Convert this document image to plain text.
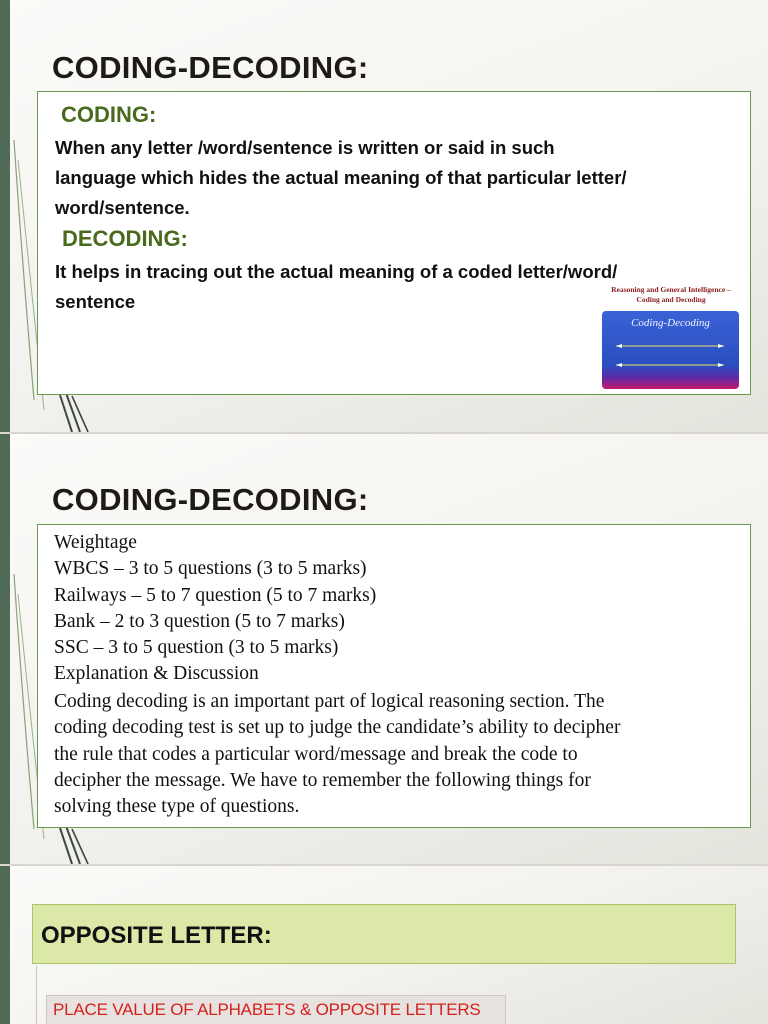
CODING-DECODING:
CODING:
When any letter /word/sentence is written or said in such
language which hides the actual meaning of that particular letter/
word/sentence.
DECODING:
It helps in tracing out the actual meaning of a coded letter/word/
sentence
Reasoning and General Intelligence –
Coding and Decoding
Coding-Decoding
CODING-DECODING:
Weightage
WBCS – 3 to 5 questions (3 to 5 marks)
Railways – 5 to 7 question (5 to 7 marks)
Bank – 2 to 3 question (5 to 7 marks)
SSC – 3 to 5 question (3 to 5 marks)
Explanation & Discussion
Coding decoding is an important part of logical reasoning section. The
coding decoding test is set up to judge the candidate’s ability to decipher
the rule that codes a particular word/message and break the code to
decipher the message. We have to remember the following things for
solving these type of questions.
OPPOSITE LETTER:
PLACE VALUE OF ALPHABETS & OPPOSITE LETTERS
